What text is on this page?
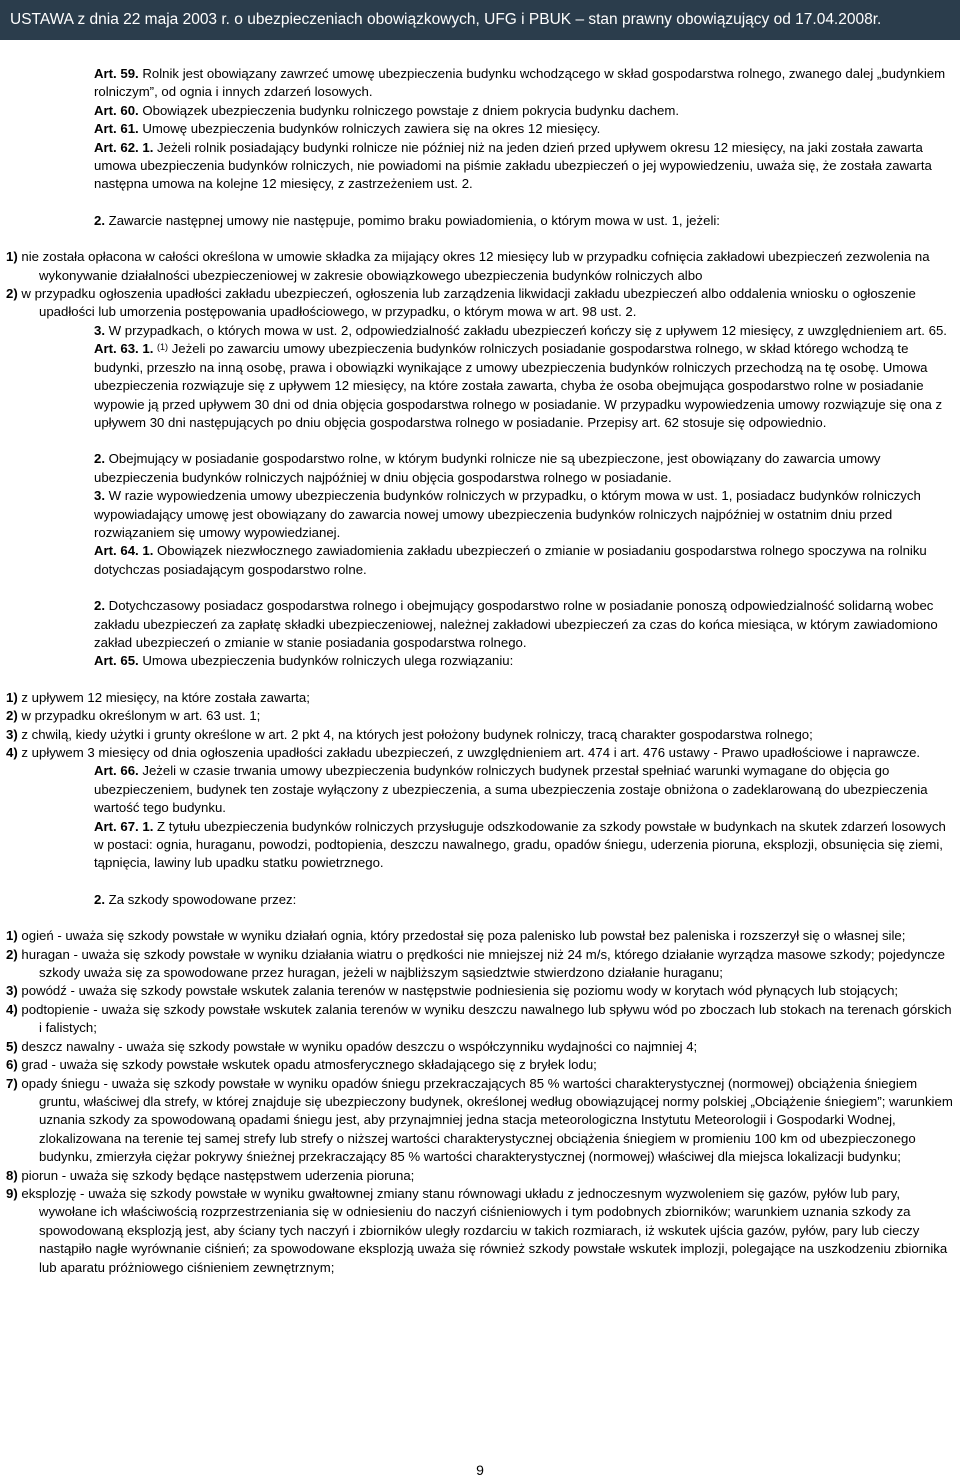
USTAWA z dnia 22 maja 2003 r. o ubezpieczeniach obowiązkowych, UFG i PBUK – stan prawny obowiązujący od 17.04.2008r.

Art. 59. Rolnik jest obowiązany zawrzeć umowę ubezpieczenia budynku wchodzącego w skład gospodarstwa rolnego, zwanego dalej „budynkiem rolniczym”, od ognia i innych zdarzeń losowych.

Art. 60. Obowiązek ubezpieczenia budynku rolniczego powstaje z dniem pokrycia budynku dachem.

Art. 61. Umowę ubezpieczenia budynków rolniczych zawiera się na okres 12 miesięcy.

Art. 62. 1. Jeżeli rolnik posiadający budynki rolnicze nie później niż na jeden dzień przed upływem okresu 12 miesięcy, na jaki została zawarta umowa ubezpieczenia budynków rolniczych, nie powiadomi na piśmie zakładu ubezpieczeń o jej wypowiedzeniu, uważa się, że została zawarta następna umowa na kolejne 12 miesięcy, z zastrzeżeniem ust. 2.

2. Zawarcie następnej umowy nie następuje, pomimo braku powiadomienia, o którym mowa w ust. 1, jeżeli:

1) nie została opłacona w całości określona w umowie składka za mijający okres 12 miesięcy lub w przypadku cofnięcia zakładowi ubezpieczeń zezwolenia na wykonywanie działalności ubezpieczeniowej w zakresie obowiązkowego ubezpieczenia budynków rolniczych albo

2) w przypadku ogłoszenia upadłości zakładu ubezpieczeń, ogłoszenia lub zarządzenia likwidacji zakładu ubezpieczeń albo oddalenia wniosku o ogłoszenie upadłości lub umorzenia postępowania upadłościowego, w przypadku, o którym mowa w art. 98 ust. 2.

3. W przypadkach, o których mowa w ust. 2, odpowiedzialność zakładu ubezpieczeń kończy się z upływem 12 miesięcy, z uwzględnieniem art. 65.

Art. 63. 1. $^{(1)}$ Jeżeli po zawarciu umowy ubezpieczenia budynków rolniczych posiadanie gospodarstwa rolnego, w skład którego wchodzą te budynki, przeszło na inną osobę, prawa i obowiązki wynikające z umowy ubezpieczenia budynków rolniczych przechodzą na tę osobę. Umowa ubezpieczenia rozwiązuje się z upływem 12 miesięcy, na które została zawarta, chyba że osoba obejmująca gospodarstwo rolne w posiadanie wypowie ją przed upływem 30 dni od dnia objęcia gospodarstwa rolnego w posiadanie. W przypadku wypowiedzenia umowy rozwiązuje się ona z upływem 30 dni następujących po dniu objęcia gospodarstwa rolnego w posiadanie. Przepisy art. 62 stosuje się odpowiednio.

2. Obejmujący w posiadanie gospodarstwo rolne, w którym budynki rolnicze nie są ubezpieczone, jest obowiązany do zawarcia umowy ubezpieczenia budynków rolniczych najpóźniej w dniu objęcia gospodarstwa rolnego w posiadanie.

3. W razie wypowiedzenia umowy ubezpieczenia budynków rolniczych w przypadku, o którym mowa w ust. 1, posiadacz budynków rolniczych wypowiadający umowę jest obowiązany do zawarcia nowej umowy ubezpieczenia budynków rolniczych najpóźniej w ostatnim dniu przed rozwiązaniem się umowy wypowiedzianej.

Art. 64. 1. Obowiązek niezwłocznego zawiadomienia zakładu ubezpieczeń o zmianie w posiadaniu gospodarstwa rolnego spoczywa na rolniku dotychczas posiadającym gospodarstwo rolne.

2. Dotychczasowy posiadacz gospodarstwa rolnego i obejmujący gospodarstwo rolne w posiadanie ponoszą odpowiedzialność solidarną wobec zakładu ubezpieczeń za zapłatę składki ubezpieczeniowej, należnej zakładowi ubezpieczeń za czas do końca miesiąca, w którym zawiadomiono zakład ubezpieczeń o zmianie w stanie posiadania gospodarstwa rolnego.

Art. 65. Umowa ubezpieczenia budynków rolniczych ulega rozwiązaniu:

1) z upływem 12 miesięcy, na które została zawarta;

2) w przypadku określonym w art. 63 ust. 1;

3) z chwilą, kiedy użytki i grunty określone w art. 2 pkt 4, na których jest położony budynek rolniczy, tracą charakter gospodarstwa rolnego;

4) z upływem 3 miesięcy od dnia ogłoszenia upadłości zakładu ubezpieczeń, z uwzględnieniem art. 474 i art. 476 ustawy - Prawo upadłościowe i naprawcze.

Art. 66. Jeżeli w czasie trwania umowy ubezpieczenia budynków rolniczych budynek przestał spełniać warunki wymagane do objęcia go ubezpieczeniem, budynek ten zostaje wyłączony z ubezpieczenia, a suma ubezpieczenia zostaje obniżona o zadeklarowaną do ubezpieczenia wartość tego budynku.

Art. 67. 1. Z tytułu ubezpieczenia budynków rolniczych przysługuje odszkodowanie za szkody powstałe w budynkach na skutek zdarzeń losowych w postaci: ognia, huraganu, powodzi, podtopienia, deszczu nawalnego, gradu, opadów śniegu, uderzenia pioruna, eksplozji, obsunięcia się ziemi, tąpnięcia, lawiny lub upadku statku powietrznego.

2. Za szkody spowodowane przez:

1) ogień - uważa się szkody powstałe w wyniku działań ognia, który przedostał się poza palenisko lub powstał bez paleniska i rozszerzył się o własnej sile;

2) huragan - uważa się szkody powstałe w wyniku działania wiatru o prędkości nie mniejszej niż 24 m/s, którego działanie wyrządza masowe szkody; pojedyncze szkody uważa się za spowodowane przez huragan, jeżeli w najbliższym sąsiedztwie stwierdzono działanie huraganu;

3) powódź - uważa się szkody powstałe wskutek zalania terenów w następstwie podniesienia się poziomu wody w korytach wód płynących lub stojących;

4) podtopienie - uważa się szkody powstałe wskutek zalania terenów w wyniku deszczu nawalnego lub spływu wód po zboczach lub stokach na terenach górskich i falistych;

5) deszcz nawalny - uważa się szkody powstałe w wyniku opadów deszczu o współczynniku wydajności co najmniej 4;

6) grad - uważa się szkody powstałe wskutek opadu atmosferycznego składającego się z bryłek lodu;

7) opady śniegu - uważa się szkody powstałe w wyniku opadów śniegu przekraczających 85 % wartości charakterystycznej (normowej) obciążenia śniegiem gruntu, właściwej dla strefy, w której znajduje się ubezpieczony budynek, określonej według obowiązującej normy polskiej „Obciążenie śniegiem”; warunkiem uznania szkody za spowodowaną opadami śniegu jest, aby przynajmniej jedna stacja meteorologiczna Instytutu Meteorologii i Gospodarki Wodnej, zlokalizowana na terenie tej samej strefy lub strefy o niższej wartości charakterystycznej obciążenia śniegiem w promieniu 100 km od ubezpieczonego budynku, zmierzyła ciężar pokrywy śnieżnej przekraczający 85 % wartości charakterystycznej (normowej) właściwej dla miejsca lokalizacji budynku;

8) piorun - uważa się szkody będące następstwem uderzenia pioruna;

9) eksplozję - uważa się szkody powstałe w wyniku gwałtownej zmiany stanu równowagi układu z jednoczesnym wyzwoleniem się gazów, pyłów lub pary, wywołane ich właściwością rozprzestrzeniania się w odniesieniu do naczyń ciśnieniowych i tym podobnych zbiorników; warunkiem uznania szkody za spowodowaną eksplozją jest, aby ściany tych naczyń i zbiorników uległy rozdarciu w takich rozmiarach, iż wskutek ujścia gazów, pyłów, pary lub cieczy nastąpiło nagłe wyrównanie ciśnień; za spowodowane eksplozją uważa się również szkody powstałe wskutek implozji, polegające na uszkodzeniu zbiornika lub aparatu próżniowego ciśnieniem zewnętrznym;

9
